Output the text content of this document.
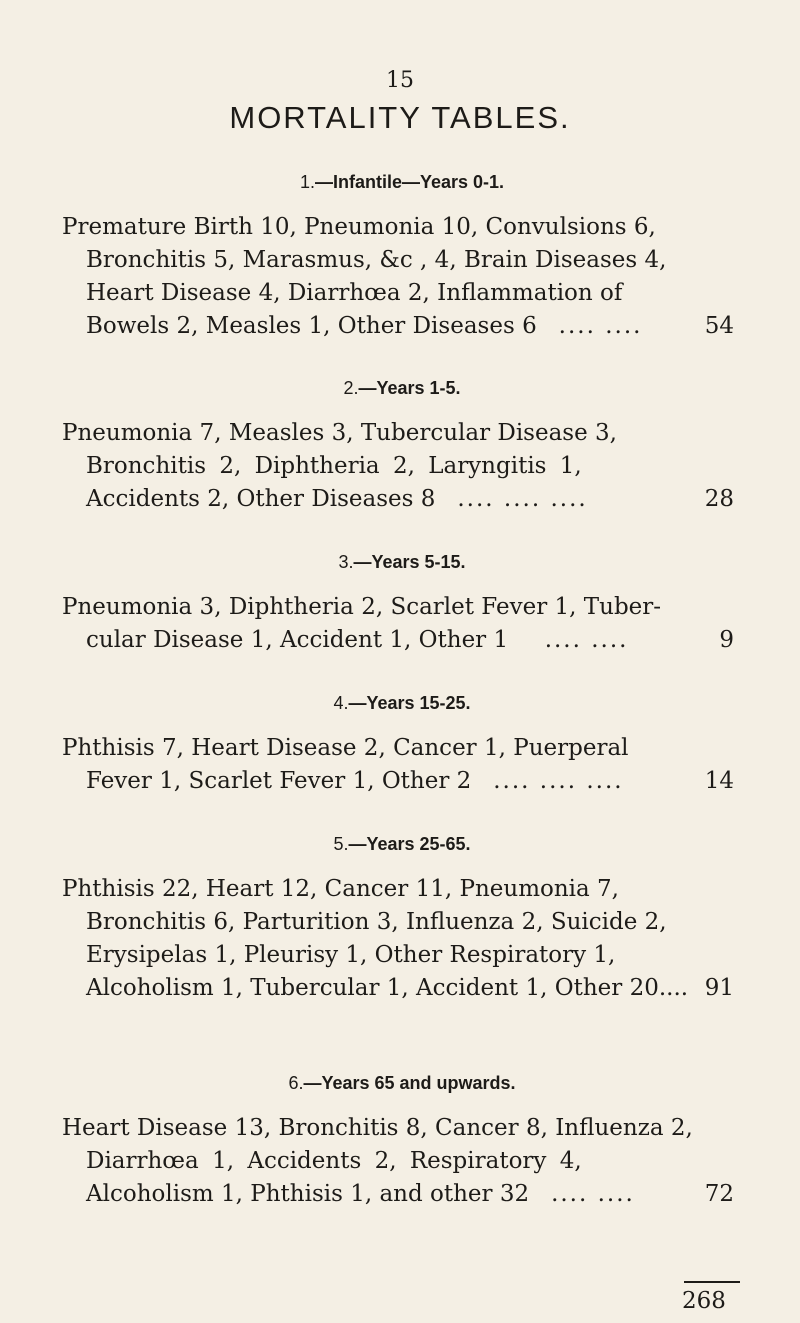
15
MORTALITY TABLES.
1.—Infantile—Years 0-1.
Premature Birth 10, Pneumonia 10, Convulsions 6,
Bronchitis 5, Marasmus, &c , 4, Brain Diseases 4,
Heart Disease 4, Diarrhœa 2, Inflammation of
Bowels 2, Measles 1, Other Diseases 6 .... ....	54
2.—Years 1-5.
Pneumonia 7, Measles 3, Tubercular Disease 3,
Bronchitis 2, Diphtheria 2, Laryngitis 1,
Accidents 2, Other Diseases 8 .... .... ....	28
3.—Years 5-15.
Pneumonia 3, Diphtheria 2, Scarlet Fever 1, Tuber-
cular Disease 1, Accident 1, Other 1 .... ....	9
4.—Years 15-25.
Phthisis 7, Heart Disease 2, Cancer 1, Puerperal
Fever 1, Scarlet Fever 1, Other 2 .... .... ....	14
5.—Years 25-65.
Phthisis 22, Heart 12, Cancer 11, Pneumonia 7,
Bronchitis 6, Parturition 3, Influenza 2, Suicide 2,
Erysipelas 1, Pleurisy 1, Other Respiratory 1,
Alcoholism 1, Tubercular 1, Accident 1, Other 20.... 91
6.—Years 65 and upwards.
Heart Disease 13, Bronchitis 8, Cancer 8, Influenza 2,
Diarrhœa 1, Accidents 2, Respiratory 4,
Alcoholism 1, Phthisis 1, and other 32 .... ....	72
268
